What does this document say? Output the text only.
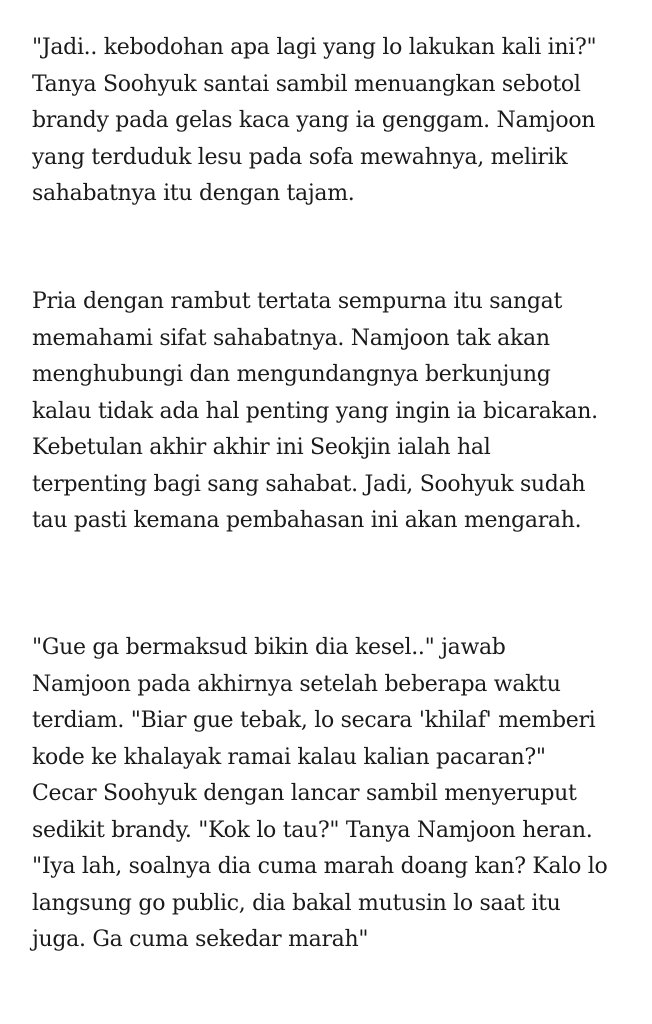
"Jadi.. kebodohan apa lagi yang lo lakukan kali ini?"
Tanya Soohyuk santai sambil menuangkan sebotol
brandy pada gelas kaca yang ia genggam. Namjoon
yang terduduk lesu pada sofa mewahnya, melirik
sahabatnya itu dengan tajam.

Pria dengan rambut tertata sempurna itu sangat
memahami sifat sahabatnya. Namjoon tak akan
menghubungi dan mengundangnya berkunjung
kalau tidak ada hal penting yang ingin ia bicarakan.
Kebetulan akhir akhir ini Seokjin ialah hal
terpenting bagi sang sahabat. Jadi, Soohyuk sudah
tau pasti kemana pembahasan ini akan mengarah.

"Gue ga bermaksud bikin dia kesel.." jawab
Namjoon pada akhirnya setelah beberapa waktu
terdiam. "Biar gue tebak, lo secara 'khilaf' memberi
kode ke khalayak ramai kalau kalian pacaran?"
Cecar Soohyuk dengan lancar sambil menyeruput
sedikit brandy. "Kok lo tau?" Tanya Namjoon heran.
"Iya lah, soalnya dia cuma marah doang kan? Kalo lo
langsung go public, dia bakal mutusin lo saat itu
juga. Ga cuma sekedar marah"
